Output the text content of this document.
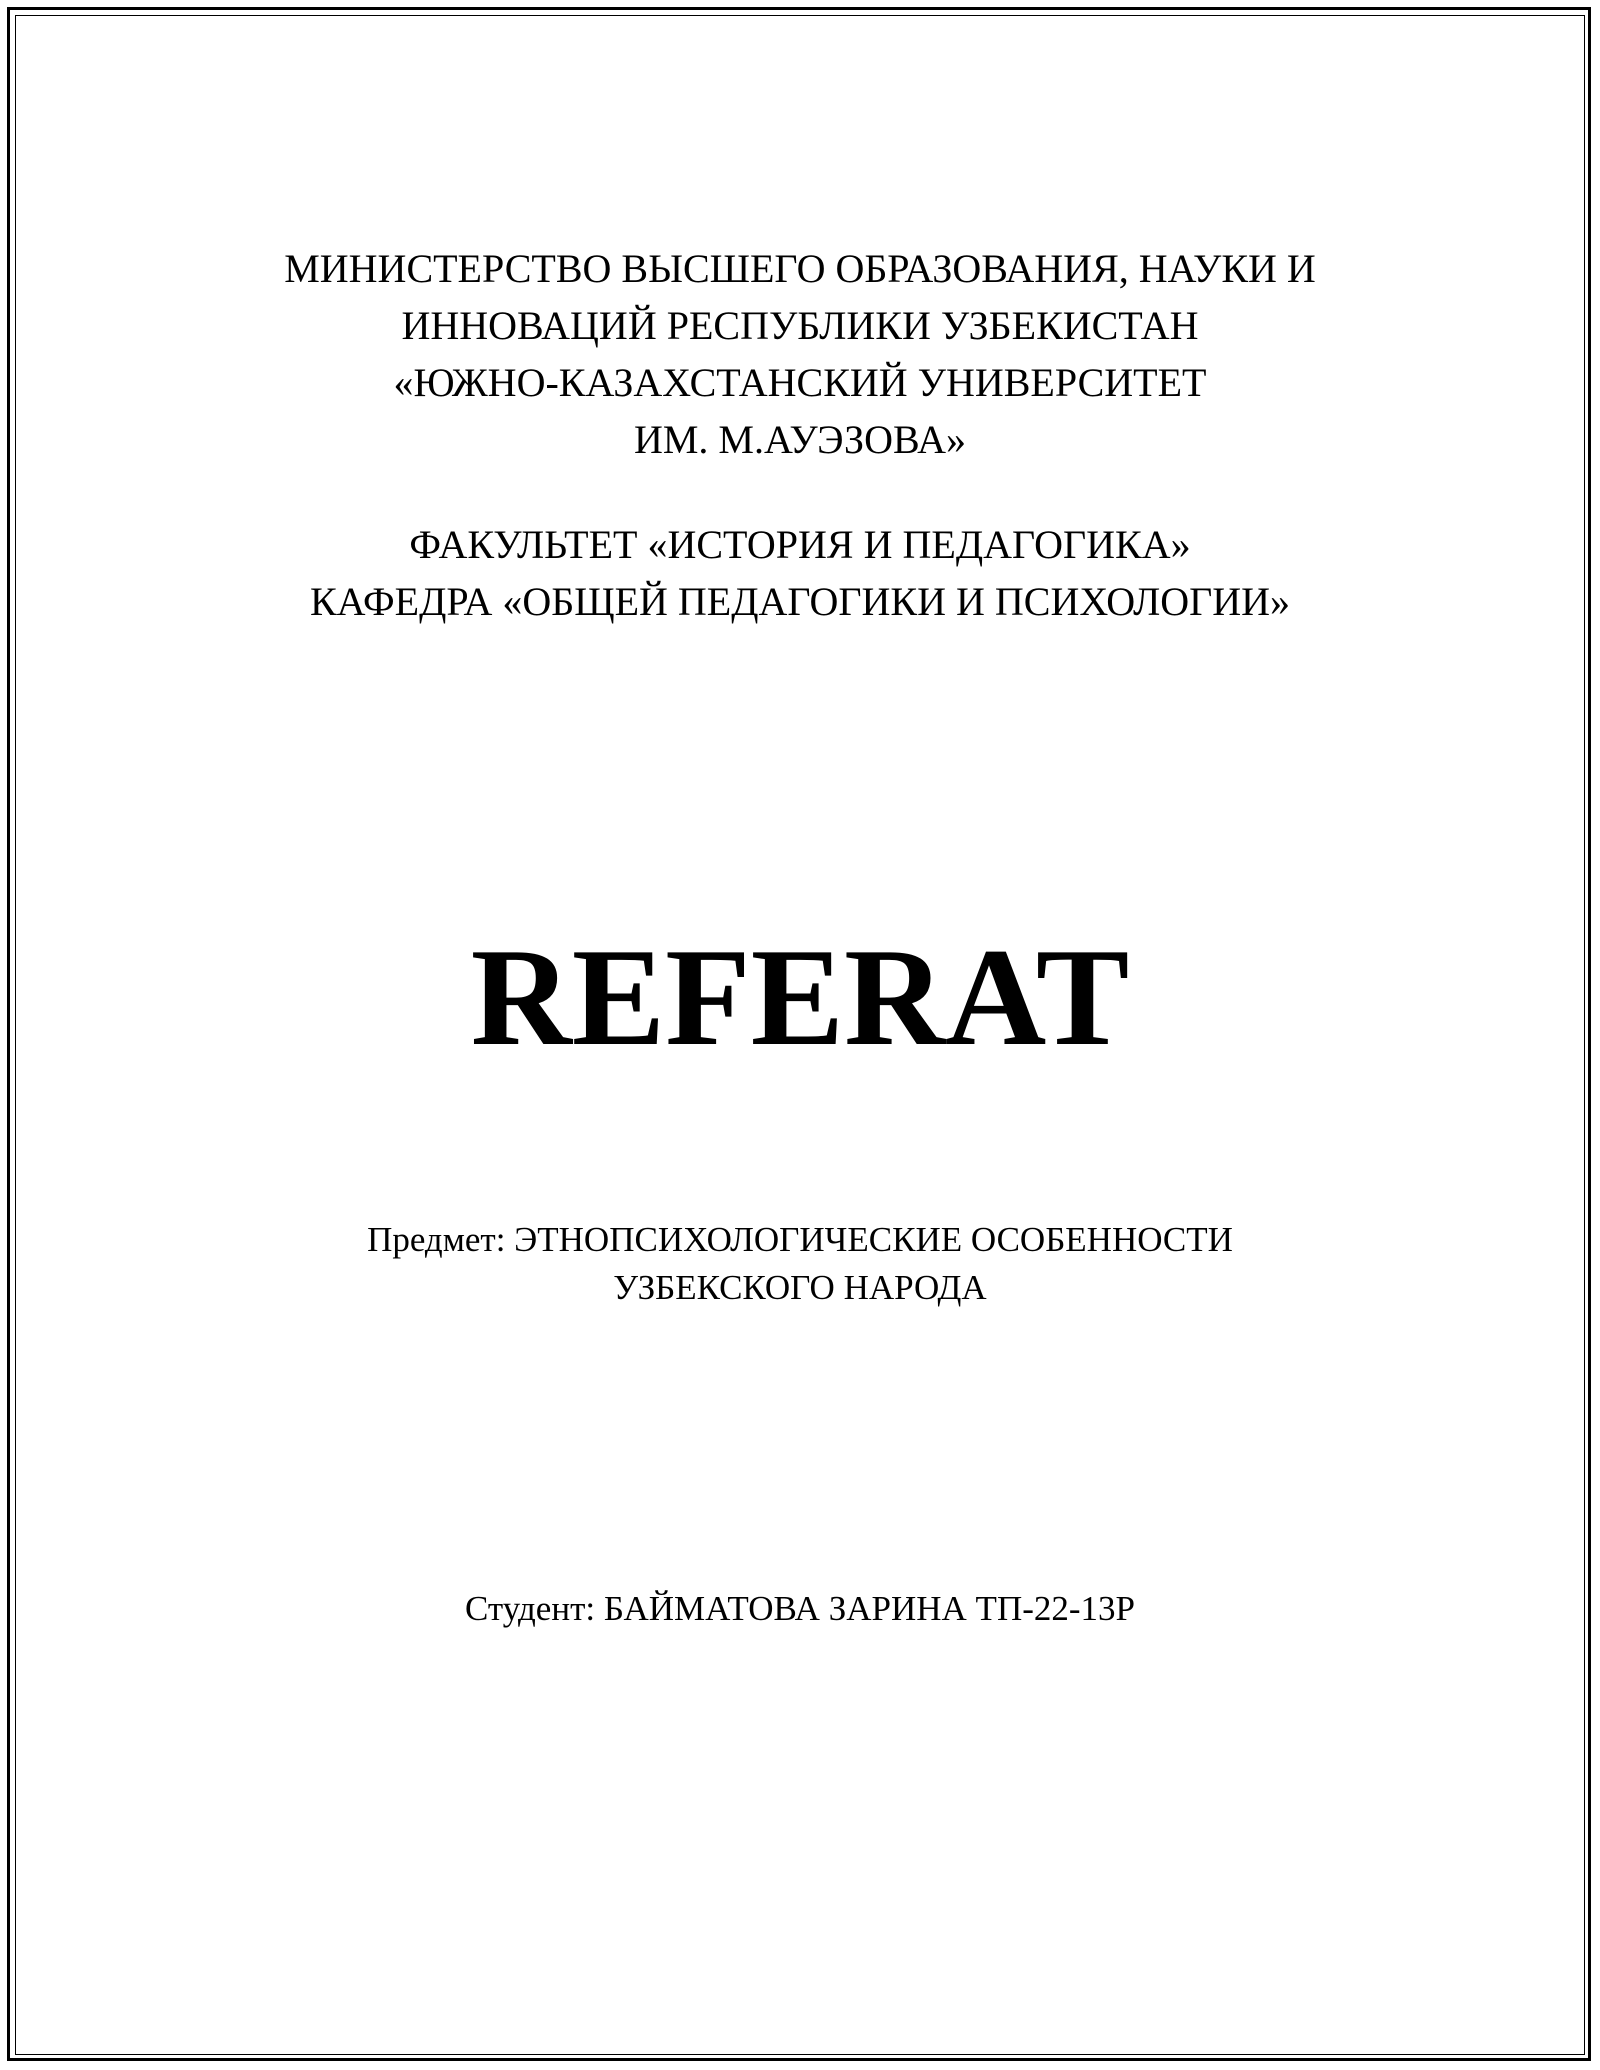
МИНИСТЕРСТВО ВЫСШЕГО ОБРАЗОВАНИЯ, НАУКИ И
ИННОВАЦИЙ РЕСПУБЛИКИ УЗБЕКИСТАН
«ЮЖНО-КАЗАХСТАНСКИЙ УНИВЕРСИТЕТ
ИМ. М.АУЭЗОВА»
ФАКУЛЬТЕТ «ИСТОРИЯ И ПЕДАГОГИКА»
КАФЕДРА «ОБЩЕЙ ПЕДАГОГИКИ И ПСИХОЛОГИИ»
REFERAT
Предмет: ЭТНОПСИХОЛОГИЧЕСКИЕ ОСОБЕННОСТИ
УЗБЕКСКОГО НАРОДА
Студент: БАЙМАТОВА ЗАРИНА ТП-22-13Р
